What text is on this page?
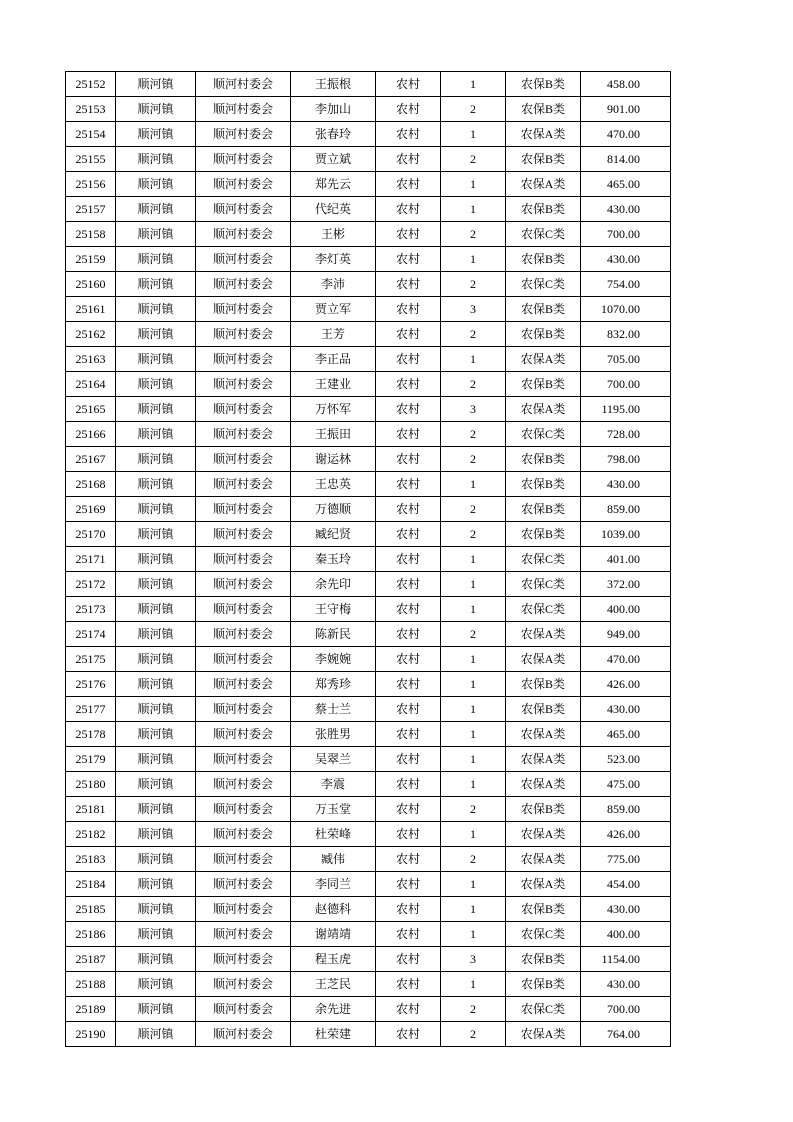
25152	顺河镇	顺河村委会	王振根	农村	1	农保B类	458.00
25153	顺河镇	顺河村委会	李加山	农村	2	农保B类	901.00
25154	顺河镇	顺河村委会	张春玲	农村	1	农保A类	470.00
25155	顺河镇	顺河村委会	贾立斌	农村	2	农保B类	814.00
25156	顺河镇	顺河村委会	郑先云	农村	1	农保A类	465.00
25157	顺河镇	顺河村委会	代纪英	农村	1	农保B类	430.00
25158	顺河镇	顺河村委会	王彬	农村	2	农保C类	700.00
25159	顺河镇	顺河村委会	李灯英	农村	1	农保B类	430.00
25160	顺河镇	顺河村委会	李沛	农村	2	农保C类	754.00
25161	顺河镇	顺河村委会	贾立军	农村	3	农保B类	1070.00
25162	顺河镇	顺河村委会	王芳	农村	2	农保B类	832.00
25163	顺河镇	顺河村委会	李正品	农村	1	农保A类	705.00
25164	顺河镇	顺河村委会	王建业	农村	2	农保B类	700.00
25165	顺河镇	顺河村委会	万怀军	农村	3	农保A类	1195.00
25166	顺河镇	顺河村委会	王振田	农村	2	农保C类	728.00
25167	顺河镇	顺河村委会	谢运林	农村	2	农保B类	798.00
25168	顺河镇	顺河村委会	王忠英	农村	1	农保B类	430.00
25169	顺河镇	顺河村委会	万德顺	农村	2	农保B类	859.00
25170	顺河镇	顺河村委会	臧纪贤	农村	2	农保B类	1039.00
25171	顺河镇	顺河村委会	秦玉玲	农村	1	农保C类	401.00
25172	顺河镇	顺河村委会	余先印	农村	1	农保C类	372.00
25173	顺河镇	顺河村委会	王守梅	农村	1	农保C类	400.00
25174	顺河镇	顺河村委会	陈新民	农村	2	农保A类	949.00
25175	顺河镇	顺河村委会	李婉婉	农村	1	农保A类	470.00
25176	顺河镇	顺河村委会	郑秀珍	农村	1	农保B类	426.00
25177	顺河镇	顺河村委会	蔡士兰	农村	1	农保B类	430.00
25178	顺河镇	顺河村委会	张胜男	农村	1	农保A类	465.00
25179	顺河镇	顺河村委会	吴翠兰	农村	1	农保A类	523.00
25180	顺河镇	顺河村委会	李震	农村	1	农保A类	475.00
25181	顺河镇	顺河村委会	万玉堂	农村	2	农保B类	859.00
25182	顺河镇	顺河村委会	杜荣峰	农村	1	农保A类	426.00
25183	顺河镇	顺河村委会	臧伟	农村	2	农保A类	775.00
25184	顺河镇	顺河村委会	李同兰	农村	1	农保A类	454.00
25185	顺河镇	顺河村委会	赵德科	农村	1	农保B类	430.00
25186	顺河镇	顺河村委会	谢靖靖	农村	1	农保C类	400.00
25187	顺河镇	顺河村委会	程玉虎	农村	3	农保B类	1154.00
25188	顺河镇	顺河村委会	王芝民	农村	1	农保B类	430.00
25189	顺河镇	顺河村委会	余先进	农村	2	农保C类	700.00
25190	顺河镇	顺河村委会	杜荣建	农村	2	农保A类	764.00
